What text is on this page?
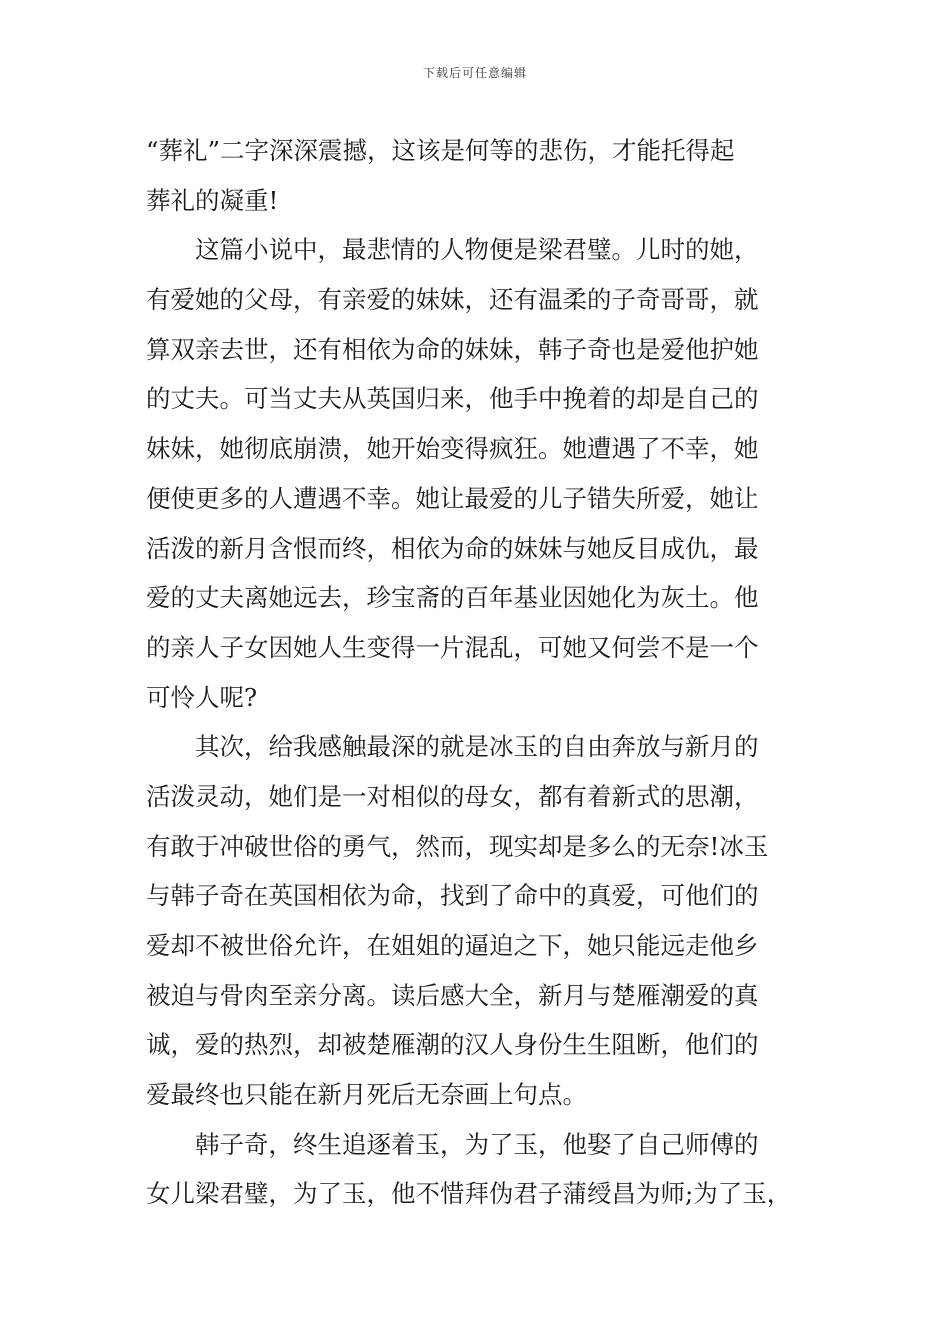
下载后可任意编辑
“葬礼”二字深深震撼，这该是何等的悲伤，才能托得起
葬礼的凝重!
这篇小说中，最悲情的人物便是梁君璧。儿时的她，
有爱她的父母，有亲爱的妹妹，还有温柔的子奇哥哥，就
算双亲去世，还有相依为命的妹妹，韩子奇也是爱他护她
的丈夫。可当丈夫从英国归来，他手中挽着的却是自己的
妹妹，她彻底崩溃，她开始变得疯狂。她遭遇了不幸，她
便使更多的人遭遇不幸。她让最爱的儿子错失所爱，她让
活泼的新月含恨而终，相依为命的妹妹与她反目成仇，最
爱的丈夫离她远去，珍宝斋的百年基业因她化为灰土。他
的亲人子女因她人生变得一片混乱，可她又何尝不是一个
可怜人呢?
其次，给我感触最深的就是冰玉的自由奔放与新月的
活泼灵动，她们是一对相似的母女，都有着新式的思潮，
有敢于冲破世俗的勇气，然而，现实却是多么的无奈!冰玉
与韩子奇在英国相依为命，找到了命中的真爱，可他们的
爱却不被世俗允许，在姐姐的逼迫之下，她只能远走他乡
被迫与骨肉至亲分离。读后感大全，新月与楚雁潮爱的真
诚，爱的热烈，却被楚雁潮的汉人身份生生阻断，他们的
爱最终也只能在新月死后无奈画上句点。
韩子奇，终生追逐着玉，为了玉，他娶了自己师傅的
女儿梁君璧，为了玉，他不惜拜伪君子蒲绶昌为师;为了玉，
